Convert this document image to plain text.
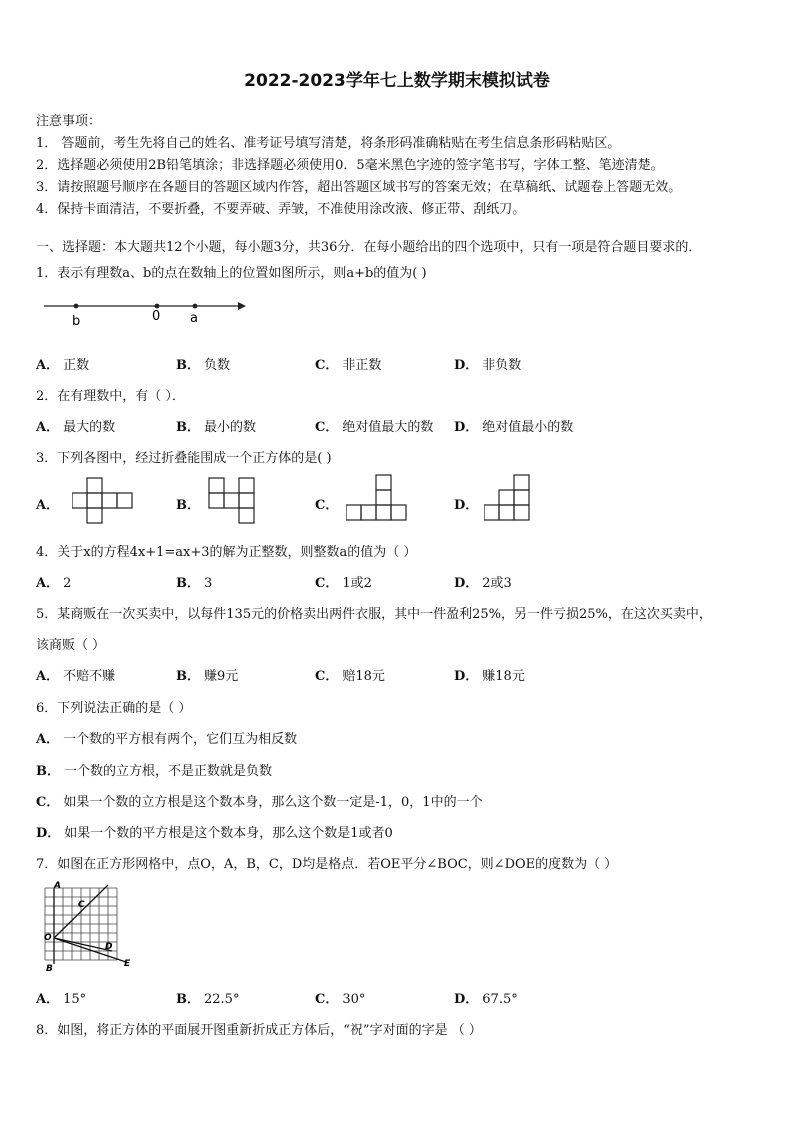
2022-2023学年七上数学期末模拟试卷
注意事项：
1． 答题前，考生先将自己的姓名、准考证号填写清楚，将条形码准确粘贴在考生信息条形码粘贴区。
2．选择题必须使用2B铅笔填涂；非选择题必须使用0．5毫米黑色字迹的签字笔书写，字体工整、笔迹清楚。
3．请按照题号顺序在各题目的答题区域内作答，超出答题区域书写的答案无效；在草稿纸、试题卷上答题无效。
4．保持卡面清洁，不要折叠，不要弄破、弄皱，不准使用涂改液、修正带、刮纸刀。
一、选择题：本大题共12个小题，每小题3分，共36分．在每小题给出的四个选项中，只有一项是符合题目要求的．
1．表示有理数a、b的点在数轴上的位置如图所示，则a+b的值为( )
b	0 a
A． 正数	B． 负数	C． 非正数	D． 非负数
2．在有理数中，有（ ）．
A． 最大的数	B． 最小的数	C． 绝对值最大的数 D． 绝对值最小的数
3．下列各图中，经过折叠能围成一个正方体的是( )
A．	B．	C．	D．
4．关于x的方程4x+1=ax+3的解为正整数，则整数a的值为（ ）
A． 2	B． 3	C． 1或2	D． 2或3
5．某商贩在一次买卖中，以每件135元的价格卖出两件衣服，其中一件盈利25%，另一件亏损25%，在这次买卖中，
该商贩（ ）
A． 不赔不赚	B． 赚9元	C． 赔18元	D． 赚18元
6．下列说法正确的是（ ）
A． 一个数的平方根有两个，它们互为相反数
B． 一个数的立方根，不是正数就是负数
C． 如果一个数的立方根是这个数本身，那么这个数一定是-1，0，1中的一个
D． 如果一个数的平方根是这个数本身，那么这个数是1或者0
7．如图在正方形网格中，点O，A，B，C，D均是格点．若OE平分∠BOC，则∠DOE的度数为（ ）
A
C
O
D
B	E
A． 15°	B． 22.5°	C． 30°	D． 67.5°
8．如图，将正方体的平面展开图重新折成正方体后，“祝”字对面的字是 （ ）
